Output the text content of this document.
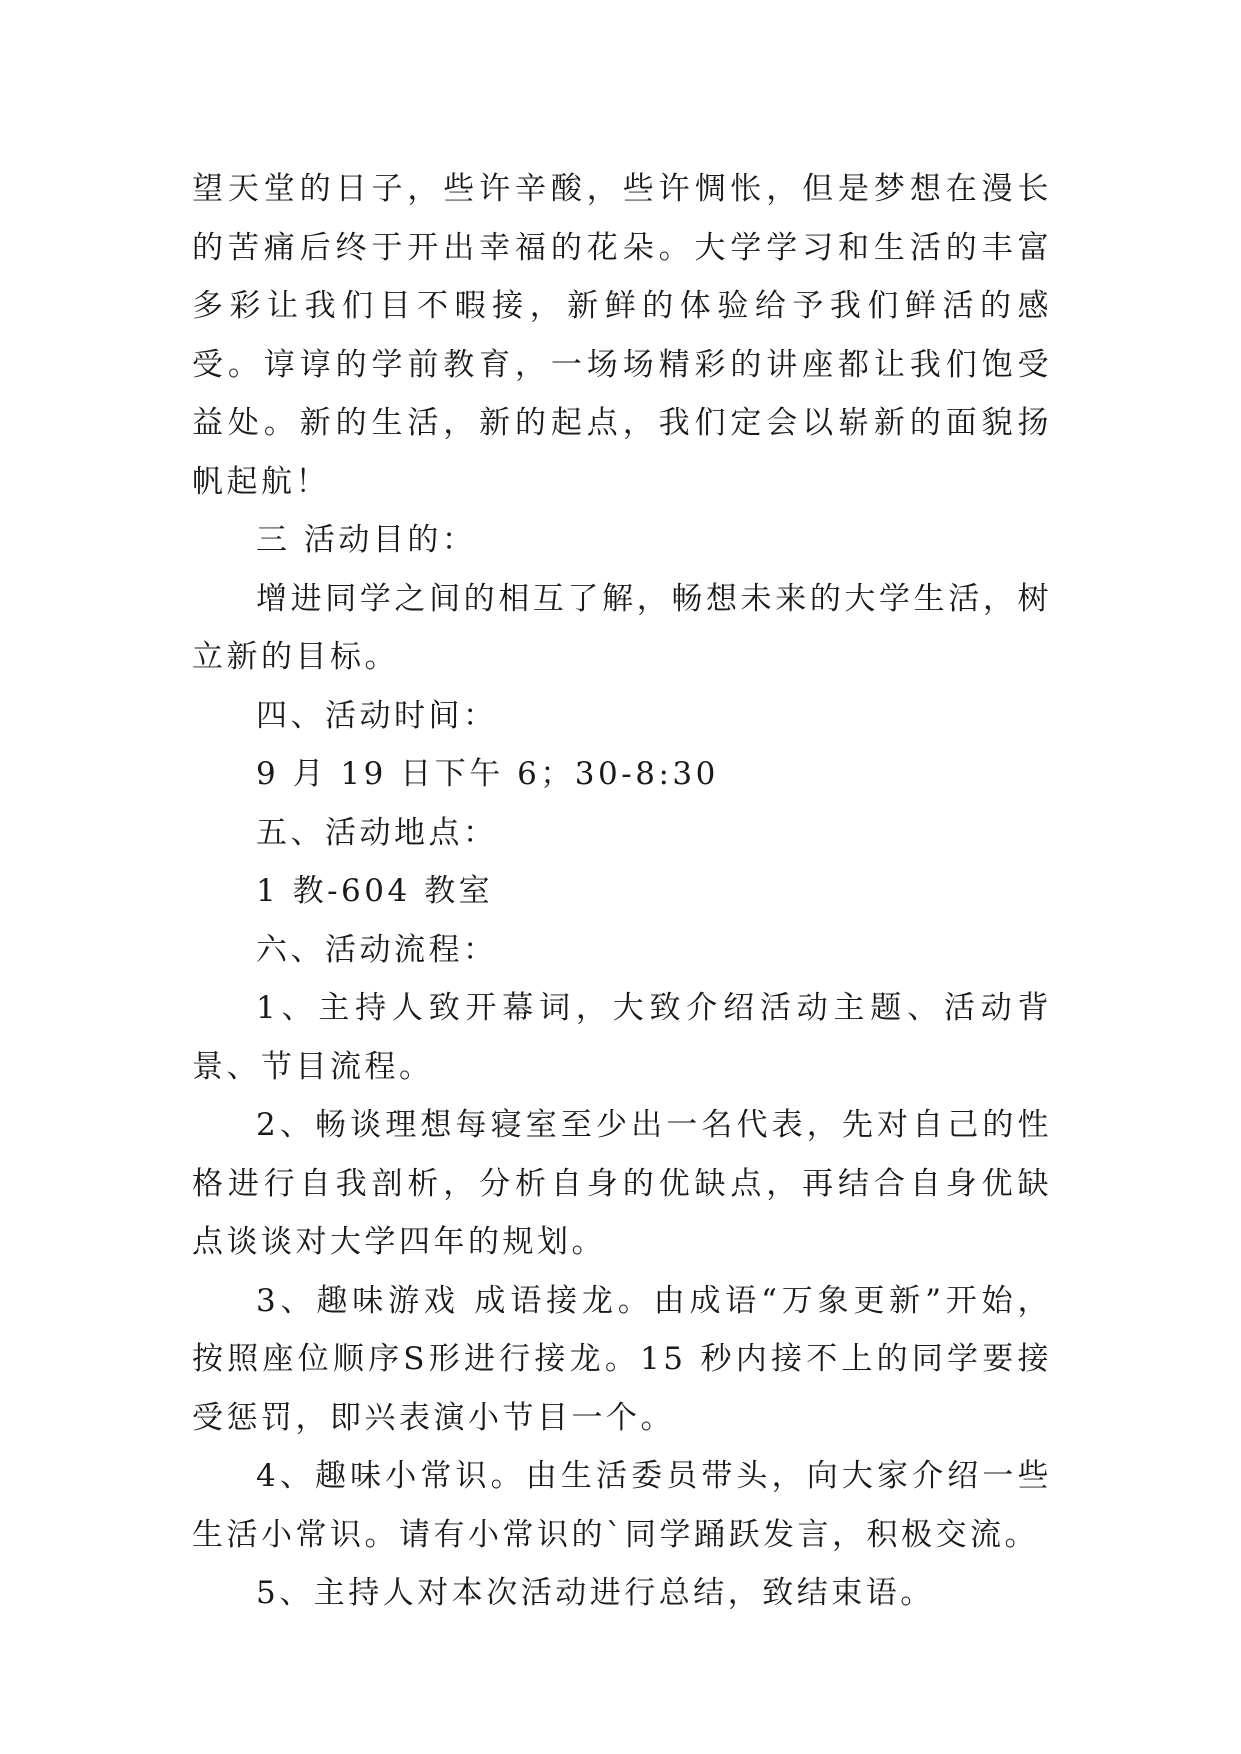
望天堂的日子，些许辛酸，些许惆怅，但是梦想在漫长的苦痛后终于开出幸福的花朵。大学学习和生活的丰富多彩让我们目不暇接，新鲜的体验给予我们鲜活的感受。谆谆的学前教育，一场场精彩的讲座都让我们饱受益处。新的生活，新的起点，我们定会以崭新的面貌扬帆起航！

三 活动目的：

增进同学之间的相互了解，畅想未来的大学生活，树立新的目标。

四、活动时间：

9 月 19 日下午 6；30-8:30

五、活动地点：

1 教-604 教室

六、活动流程：

1、主持人致开幕词，大致介绍活动主题、活动背景、节目流程。

2、畅谈理想每寝室至少出一名代表，先对自己的性格进行自我剖析，分析自身的优缺点，再结合自身优缺点谈谈对大学四年的规划。

3、趣味游戏 成语接龙。由成语“万象更新”开始，按照座位顺序S形进行接龙。15 秒内接不上的同学要接受惩罚，即兴表演小节目一个。

4、趣味小常识。由生活委员带头，向大家介绍一些生活小常识。请有小常识的`同学踊跃发言，积极交流。

5、主持人对本次活动进行总结，致结束语。
